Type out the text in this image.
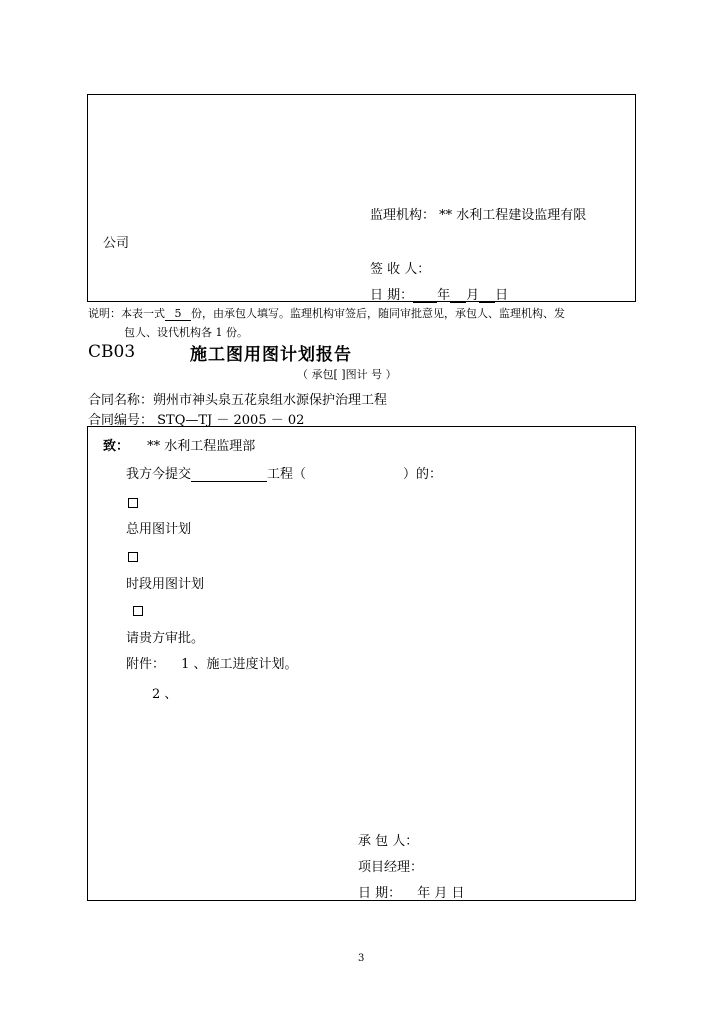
监理机构： ** 水利工程建设监理有限
公司
签 收 人：
日 期： 年 月 日
说明：本表一式 5 份，由承包人填写。监理机构审签后，随同审批意见，承包人、监理机构、发
包人、设代机构各 1 份。
CB03	施工图用图计划报告
（ 承包[ ]图计 号 ）
合同名称：朔州市神头泉五花泉组水源保护治理工程
合同编号： STQ—TJ － 2005 － 02
致： ** 水利工程监理部
我方今提交	工程（	）的：
总用图计划
时段用图计划
请贵方审批。
附件： 1 、施工进度计划。
2 、
承 包 人：
项目经理：
日 期： 年 月 日
3
